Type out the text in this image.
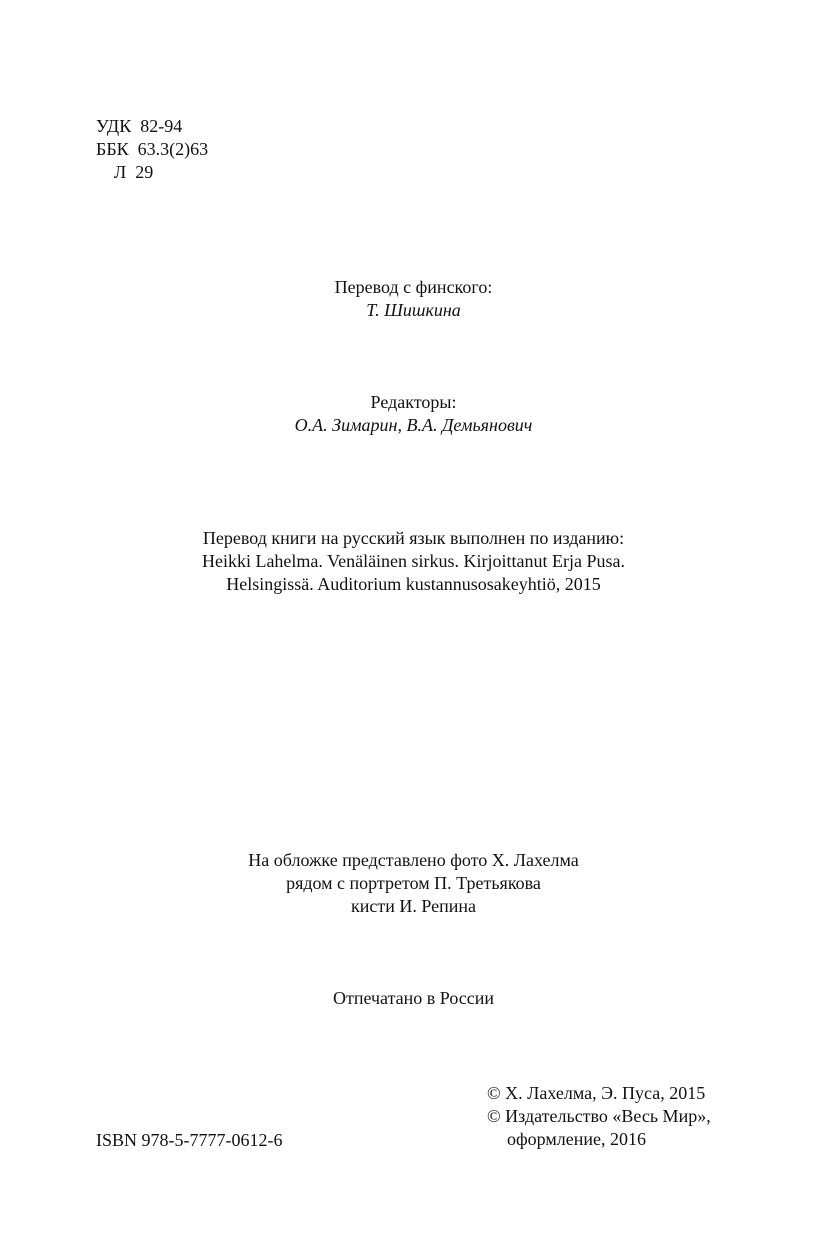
УДК  82-94
ББК  63.3(2)63
Л  29
Перевод с финского:
Т. Шишкина
Редакторы:
О.А. Зимарин, В.А. Демьянович
Перевод книги на русский язык выполнен по изданию:
Heikki Lahelma. Venäläinen sirkus. Kirjoittanut Erja Pusa.
Helsingissä. Auditorium kustannusosakeyhtiö, 2015
На обложке представлено фото Х. Лахелма
рядом с портретом П. Третьякова
кисти И. Репина
Отпечатано в России
ISBN 978-5-7777-0612-6
© Х. Лахелма, Э. Пуса, 2015
© Издательство «Весь Мир»,
оформление, 2016
